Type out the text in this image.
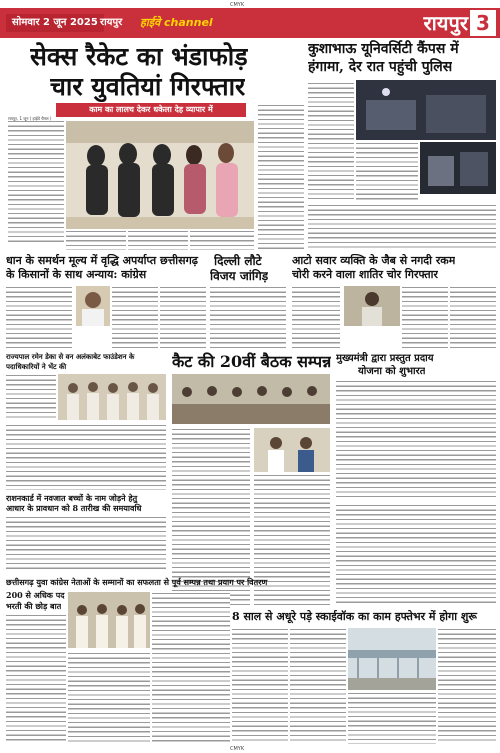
CMYK
सोमवार 2 जून 2025 रायपुर हाईवे channel	रायपुर 3
सेक्स रैकेट का भंडाफोड़
चार युवतियां गिरफ्तार
काम का लालच देकर धकेला देह व्यापार में
रायपुर, 1 जून ( हाईवे चैनल )
कुशाभाऊ यूनिवर्सिटी कैंपस में
हंगामा, देर रात पहुंची पुलिस
धान के समर्थन मूल्य में वृद्धि अपर्याप्त छत्तीसगढ़
के किसानों के साथ अन्याय: कांग्रेस
दिल्ली लौटे
विजय जांगिड़
आटो सवार व्यक्ति के जैब से नगदी रकम
चोरी करने वाला शातिर चोर गिरफ्तार
राज्यपाल रमेन डेका से वन अलंकाबेट फाउंडेशन के पदाधिकारियों ने भेंट की	कैट की 20वीं बैठक सम्पन्न मुख्यमंत्री द्वारा प्रस्तुत प्रदाय
योजना को शुभारत
राशनकार्ड में नवजात बच्चों के नाम जोड़ने हेतु
आधार के प्रावधान को 8 तारीख की समयावधि
छत्तीसगढ़ युवा कांग्रेस नेताओं के सम्मानों का सफलता से पूर्व सम्पन्न तथा प्रयाग पर वितरण
200 से अधिक पद
भरती की छोड़ बात
8 साल से अधूरे पड़े स्काईवॉक का काम हफ्तेभर में होगा शुरू
CMYK
